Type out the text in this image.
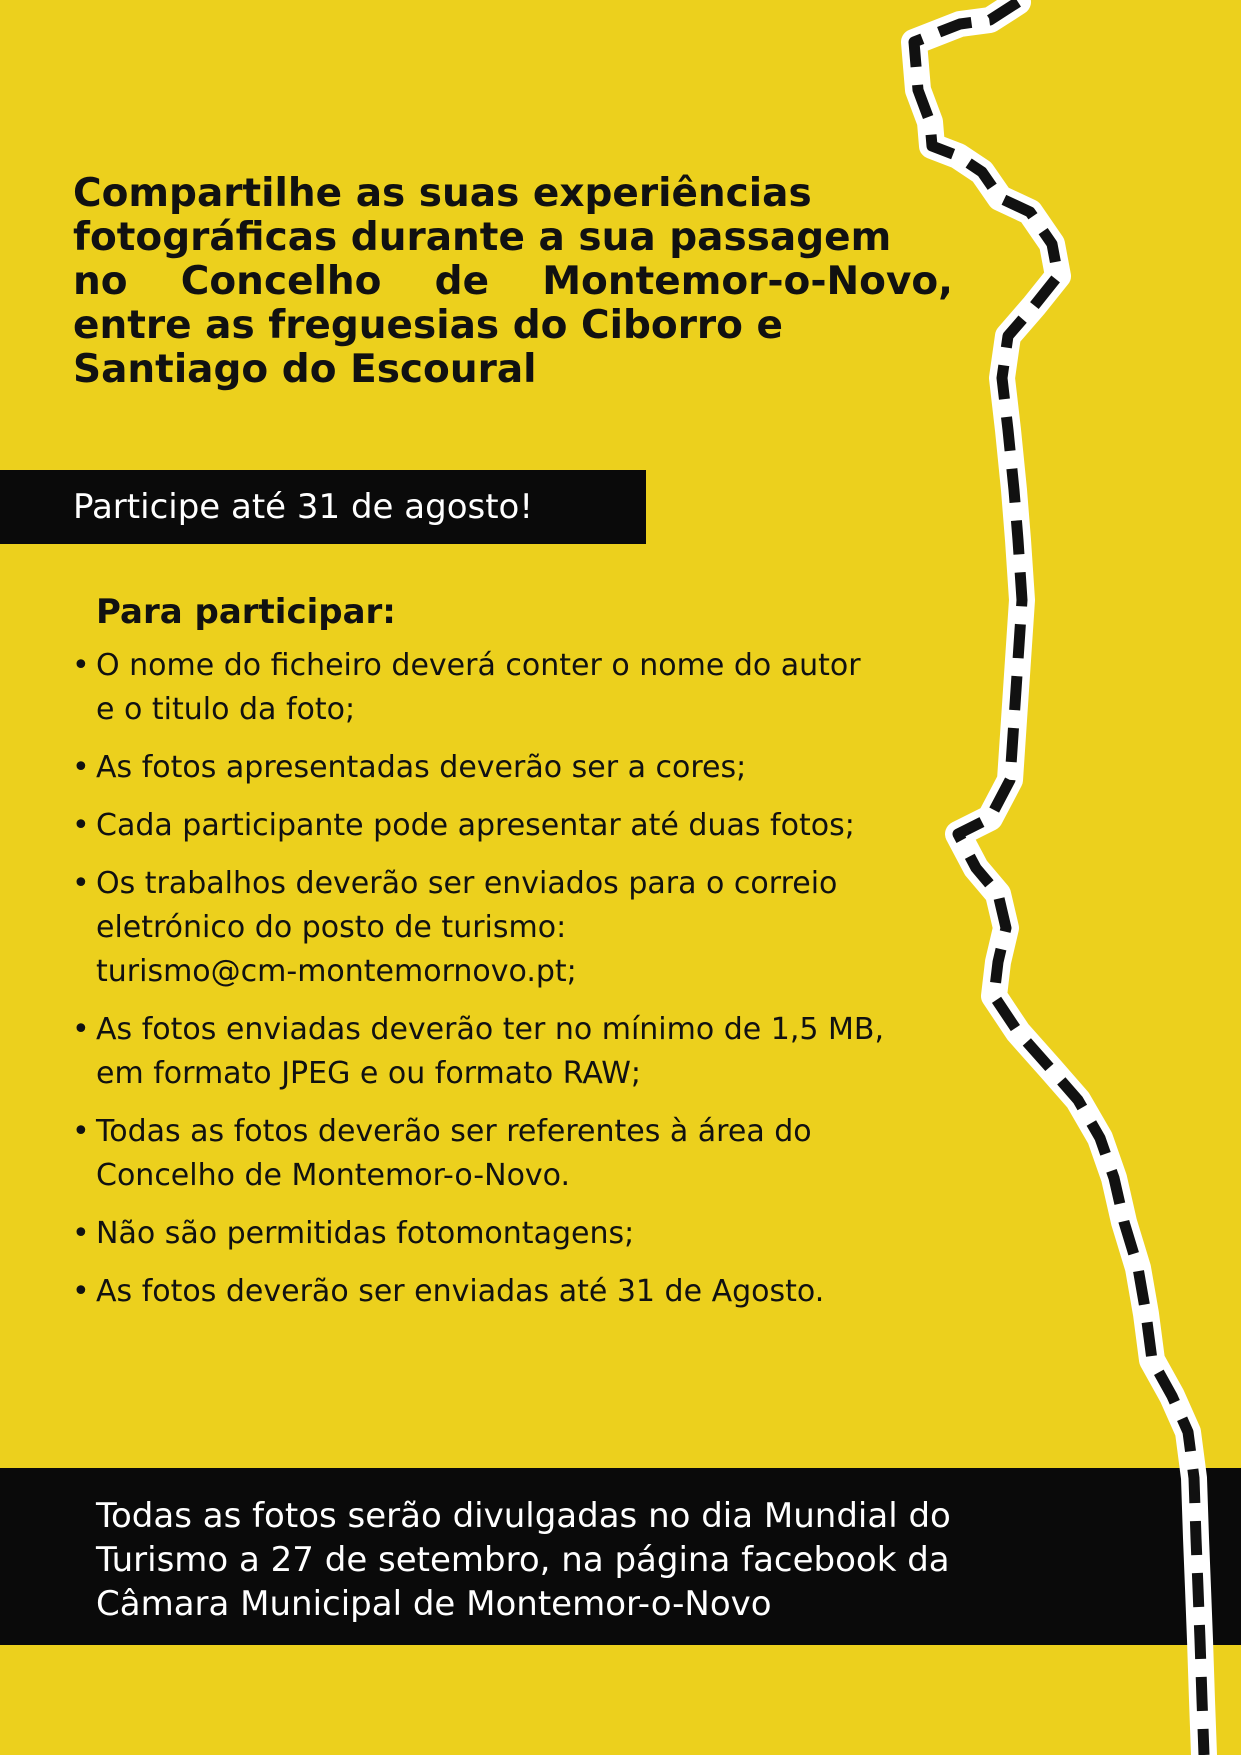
Compartilhe as suas experiências
fotográficas durante a sua passagem
no Concelho de Montemor-o-Novo,
entre as freguesias do Ciborro e
Santiago do Escoural
Participe até 31 de agosto!
Para participar:
• O nome do ficheiro deverá conter o nome do autor
e o titulo da foto;
• As fotos apresentadas deverão ser a cores;
• Cada participante pode apresentar até duas fotos;
• Os trabalhos deverão ser enviados para o correio
eletrónico do posto de turismo:
turismo@cm-montemornovo.pt;
• As fotos enviadas deverão ter no mínimo de 1,5 MB,
em formato JPEG e ou formato RAW;
• Todas as fotos deverão ser referentes à área do
Concelho de Montemor-o-Novo.
• Não são permitidas fotomontagens;
• As fotos deverão ser enviadas até 31 de Agosto.

Todas as fotos serão divulgadas no dia Mundial do
Turismo a 27 de setembro, na página facebook da
Câmara Municipal de Montemor-o-Novo
